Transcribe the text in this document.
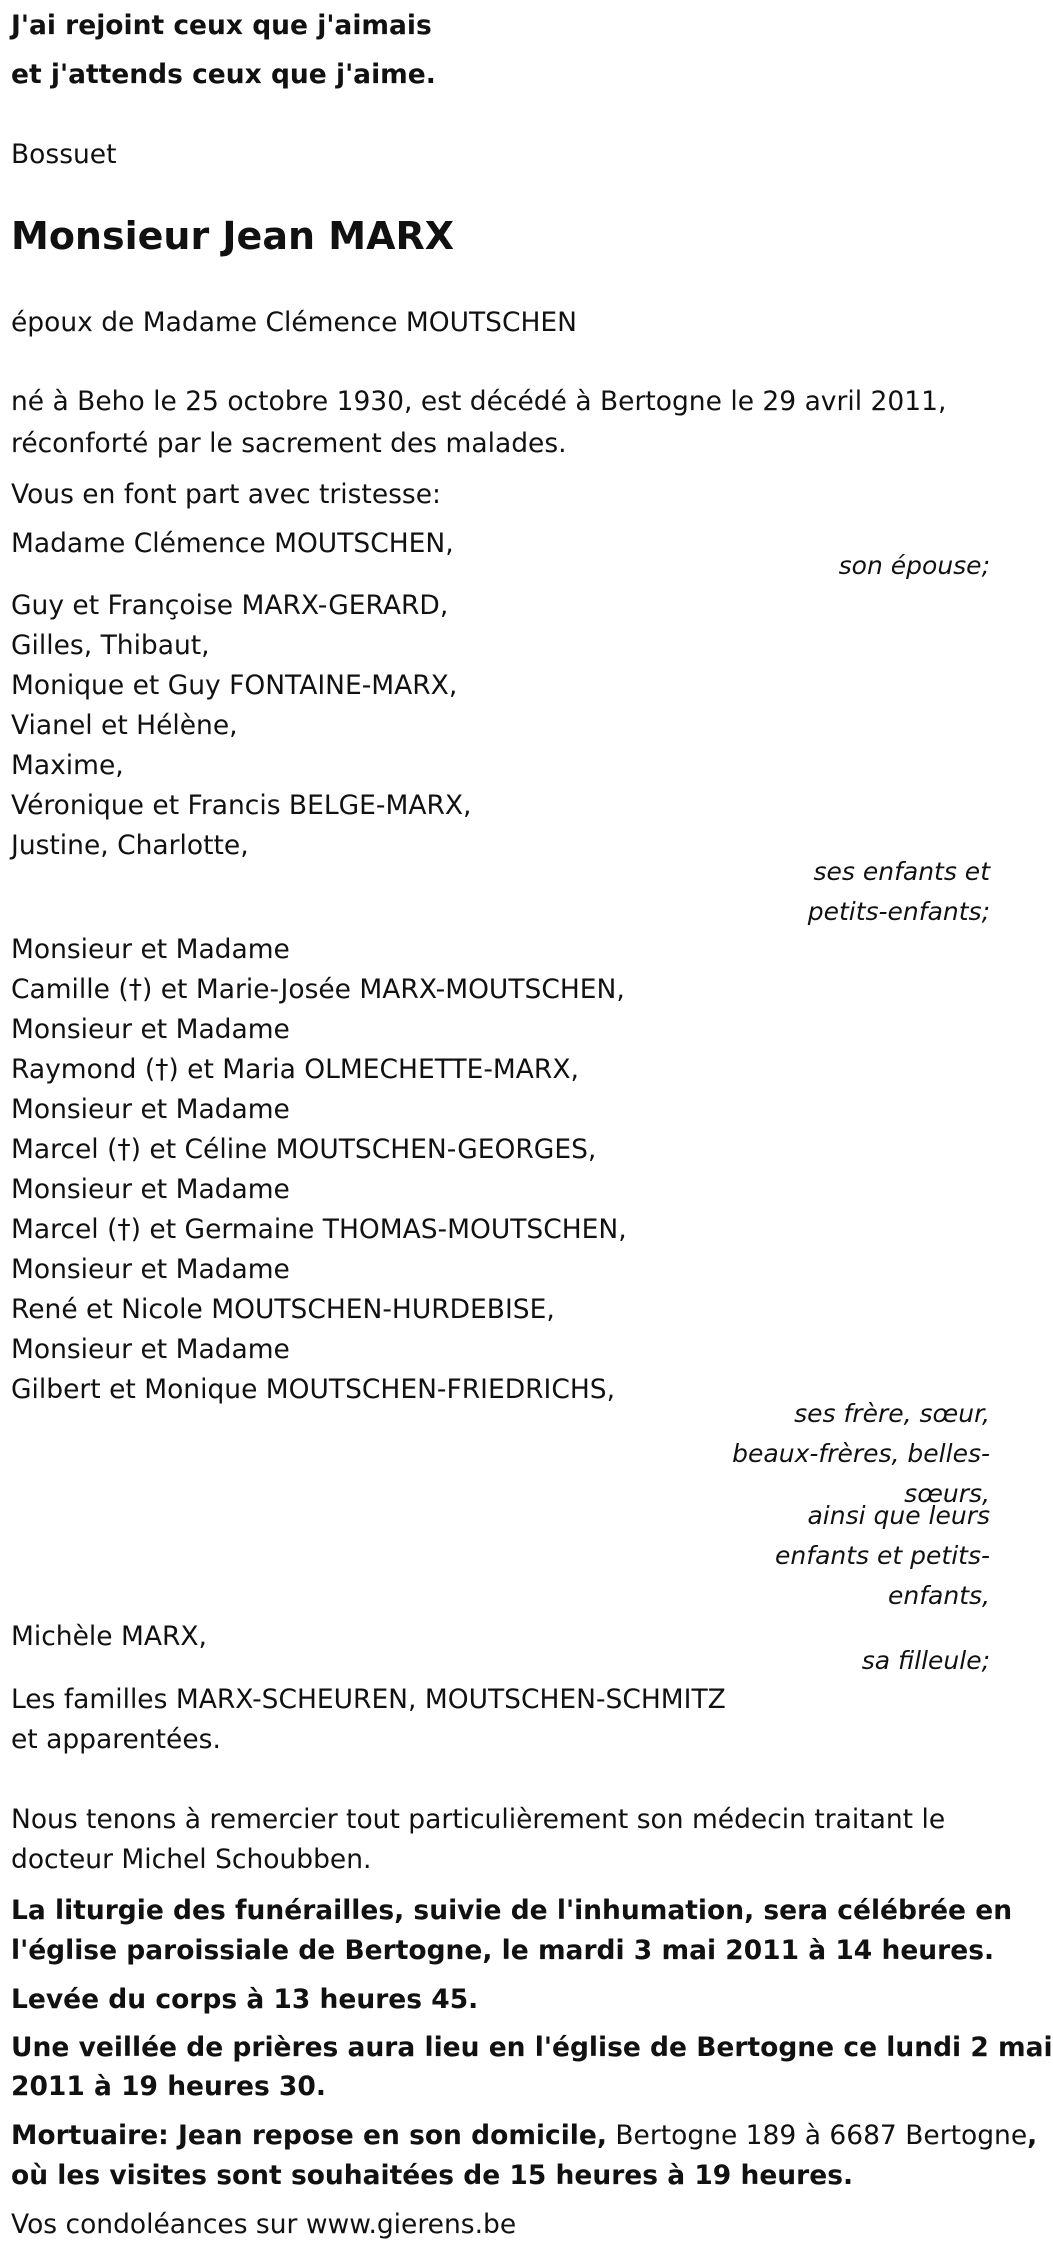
J'ai rejoint ceux que j'aimais

et j'attends ceux que j'aime.

Bossuet

Monsieur Jean MARX

époux de Madame Clémence MOUTSCHEN

né à Beho le 25 octobre 1930, est décédé à Bertogne le 29 avril 2011,

réconforté par le sacrement des malades.

Vous en font part avec tristesse:

Madame Clémence MOUTSCHEN,

son épouse;

Guy et Françoise MARX-GERARD,

Gilles, Thibaut,

Monique et Guy FONTAINE-MARX,

Vianel et Hélène,

Maxime,

Véronique et Francis BELGE-MARX,

Justine, Charlotte,

ses enfants et

petits-enfants;

Monsieur et Madame

Camille (†) et Marie-Josée MARX-MOUTSCHEN,

Monsieur et Madame

Raymond (†) et Maria OLMECHETTE-MARX,

Monsieur et Madame

Marcel (†) et Céline MOUTSCHEN-GEORGES,

Monsieur et Madame

Marcel (†) et Germaine THOMAS-MOUTSCHEN,

Monsieur et Madame

René et Nicole MOUTSCHEN-HURDEBISE,

Monsieur et Madame

Gilbert et Monique MOUTSCHEN-FRIEDRICHS,

ses frère, sœur,

beaux-frères, belles-

sœurs,

ainsi que leurs

enfants et petits-

enfants,

Michèle MARX,

sa filleule;

Les familles MARX-SCHEUREN, MOUTSCHEN-SCHMITZ

et apparentées.

Nous tenons à remercier tout particulièrement son médecin traitant le

docteur Michel Schoubben.

La liturgie des funérailles, suivie de l'inhumation, sera célébrée en

l'église paroissiale de Bertogne, le mardi 3 mai 2011 à 14 heures.

Levée du corps à 13 heures 45.

Une veillée de prières aura lieu en l'église de Bertogne ce lundi 2 mai

2011 à 19 heures 30.

Mortuaire: Jean repose en son domicile, Bertogne 189 à 6687 Bertogne,

où les visites sont souhaitées de 15 heures à 19 heures.

Vos condoléances sur www.gierens.be
